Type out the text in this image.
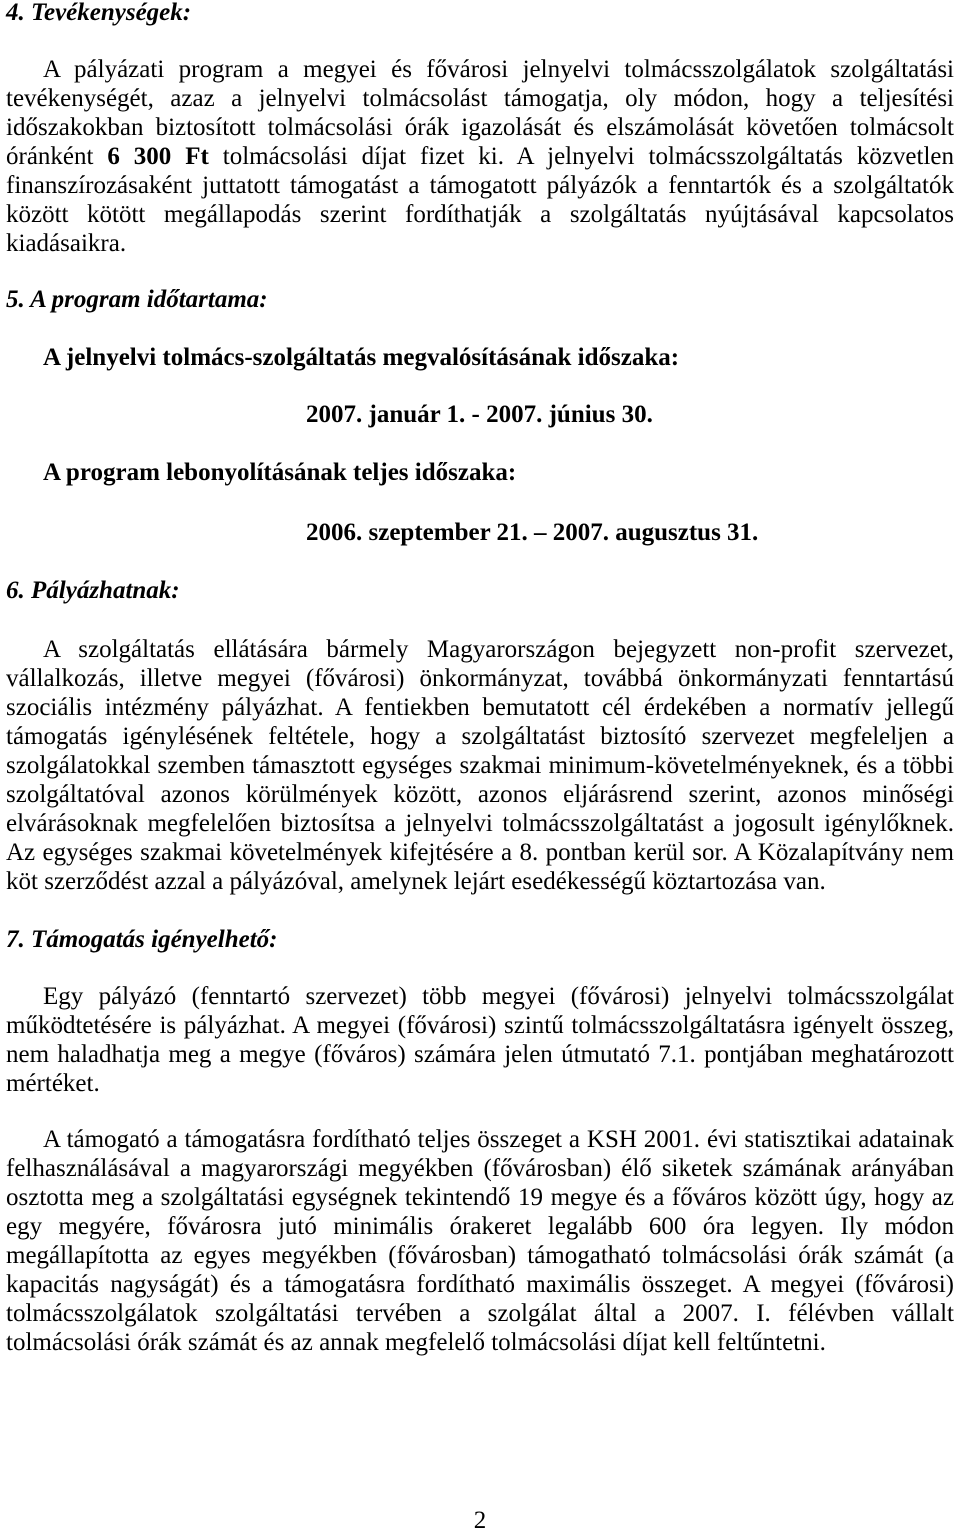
4. Tevékenységek:
A pályázati program a megyei és fővárosi jelnyelvi tolmácsszolgálatok szolgáltatási
tevékenységét, azaz a jelnyelvi tolmácsolást támogatja, oly módon, hogy a teljesítési
időszakokban biztosított tolmácsolási órák igazolását és elszámolását követően tolmácsolt
óránként 6 300 Ft tolmácsolási díjat fizet ki. A jelnyelvi tolmácsszolgáltatás közvetlen
finanszírozásaként juttatott támogatást a támogatott pályázók a fenntartók és a szolgáltatók
között kötött megállapodás szerint fordíthatják a szolgáltatás nyújtásával kapcsolatos
kiadásaikra.
5. A program időtartama:
A jelnyelvi tolmács-szolgáltatás megvalósításának időszaka:
2007. január 1. - 2007. június 30.
A program lebonyolításának teljes időszaka:
2006. szeptember 21. – 2007. augusztus 31.
6. Pályázhatnak:
A szolgáltatás ellátására bármely Magyarországon bejegyzett non-profit szervezet,
vállalkozás, illetve megyei (fővárosi) önkormányzat, továbbá önkormányzati fenntartású
szociális intézmény pályázhat. A fentiekben bemutatott cél érdekében a normatív jellegű
támogatás igénylésének feltétele, hogy a szolgáltatást biztosító szervezet megfeleljen a
szolgálatokkal szemben támasztott egységes szakmai minimum-követelményeknek, és a többi
szolgáltatóval azonos körülmények között, azonos eljárásrend szerint, azonos minőségi
elvárásoknak megfelelően biztosítsa a jelnyelvi tolmácsszolgáltatást a jogosult igénylőknek.
Az egységes szakmai követelmények kifejtésére a 8. pontban kerül sor. A Közalapítvány nem
köt szerződést azzal a pályázóval, amelynek lejárt esedékességű köztartozása van.
7. Támogatás igényelhető:
Egy pályázó (fenntartó szervezet) több megyei (fővárosi) jelnyelvi tolmácsszolgálat
működtetésére is pályázhat. A megyei (fővárosi) szintű tolmácsszolgáltatásra igényelt összeg,
nem haladhatja meg a megye (főváros) számára jelen útmutató 7.1. pontjában meghatározott
mértéket.
A támogató a támogatásra fordítható teljes összeget a KSH 2001. évi statisztikai adatainak
felhasználásával a magyarországi megyékben (fővárosban) élő siketek számának arányában
osztotta meg a szolgáltatási egységnek tekintendő 19 megye és a főváros között úgy, hogy az
egy megyére, fővárosra jutó minimális órakeret legalább 600 óra legyen. Ily módon
megállapította az egyes megyékben (fővárosban) támogatható tolmácsolási órák számát (a
kapacitás nagyságát) és a támogatásra fordítható maximális összeget. A megyei (fővárosi)
tolmácsszolgálatok szolgáltatási tervében a szolgálat által a 2007. I. félévben vállalt
tolmácsolási órák számát és az annak megfelelő tolmácsolási díjat kell feltűntetni.
2
